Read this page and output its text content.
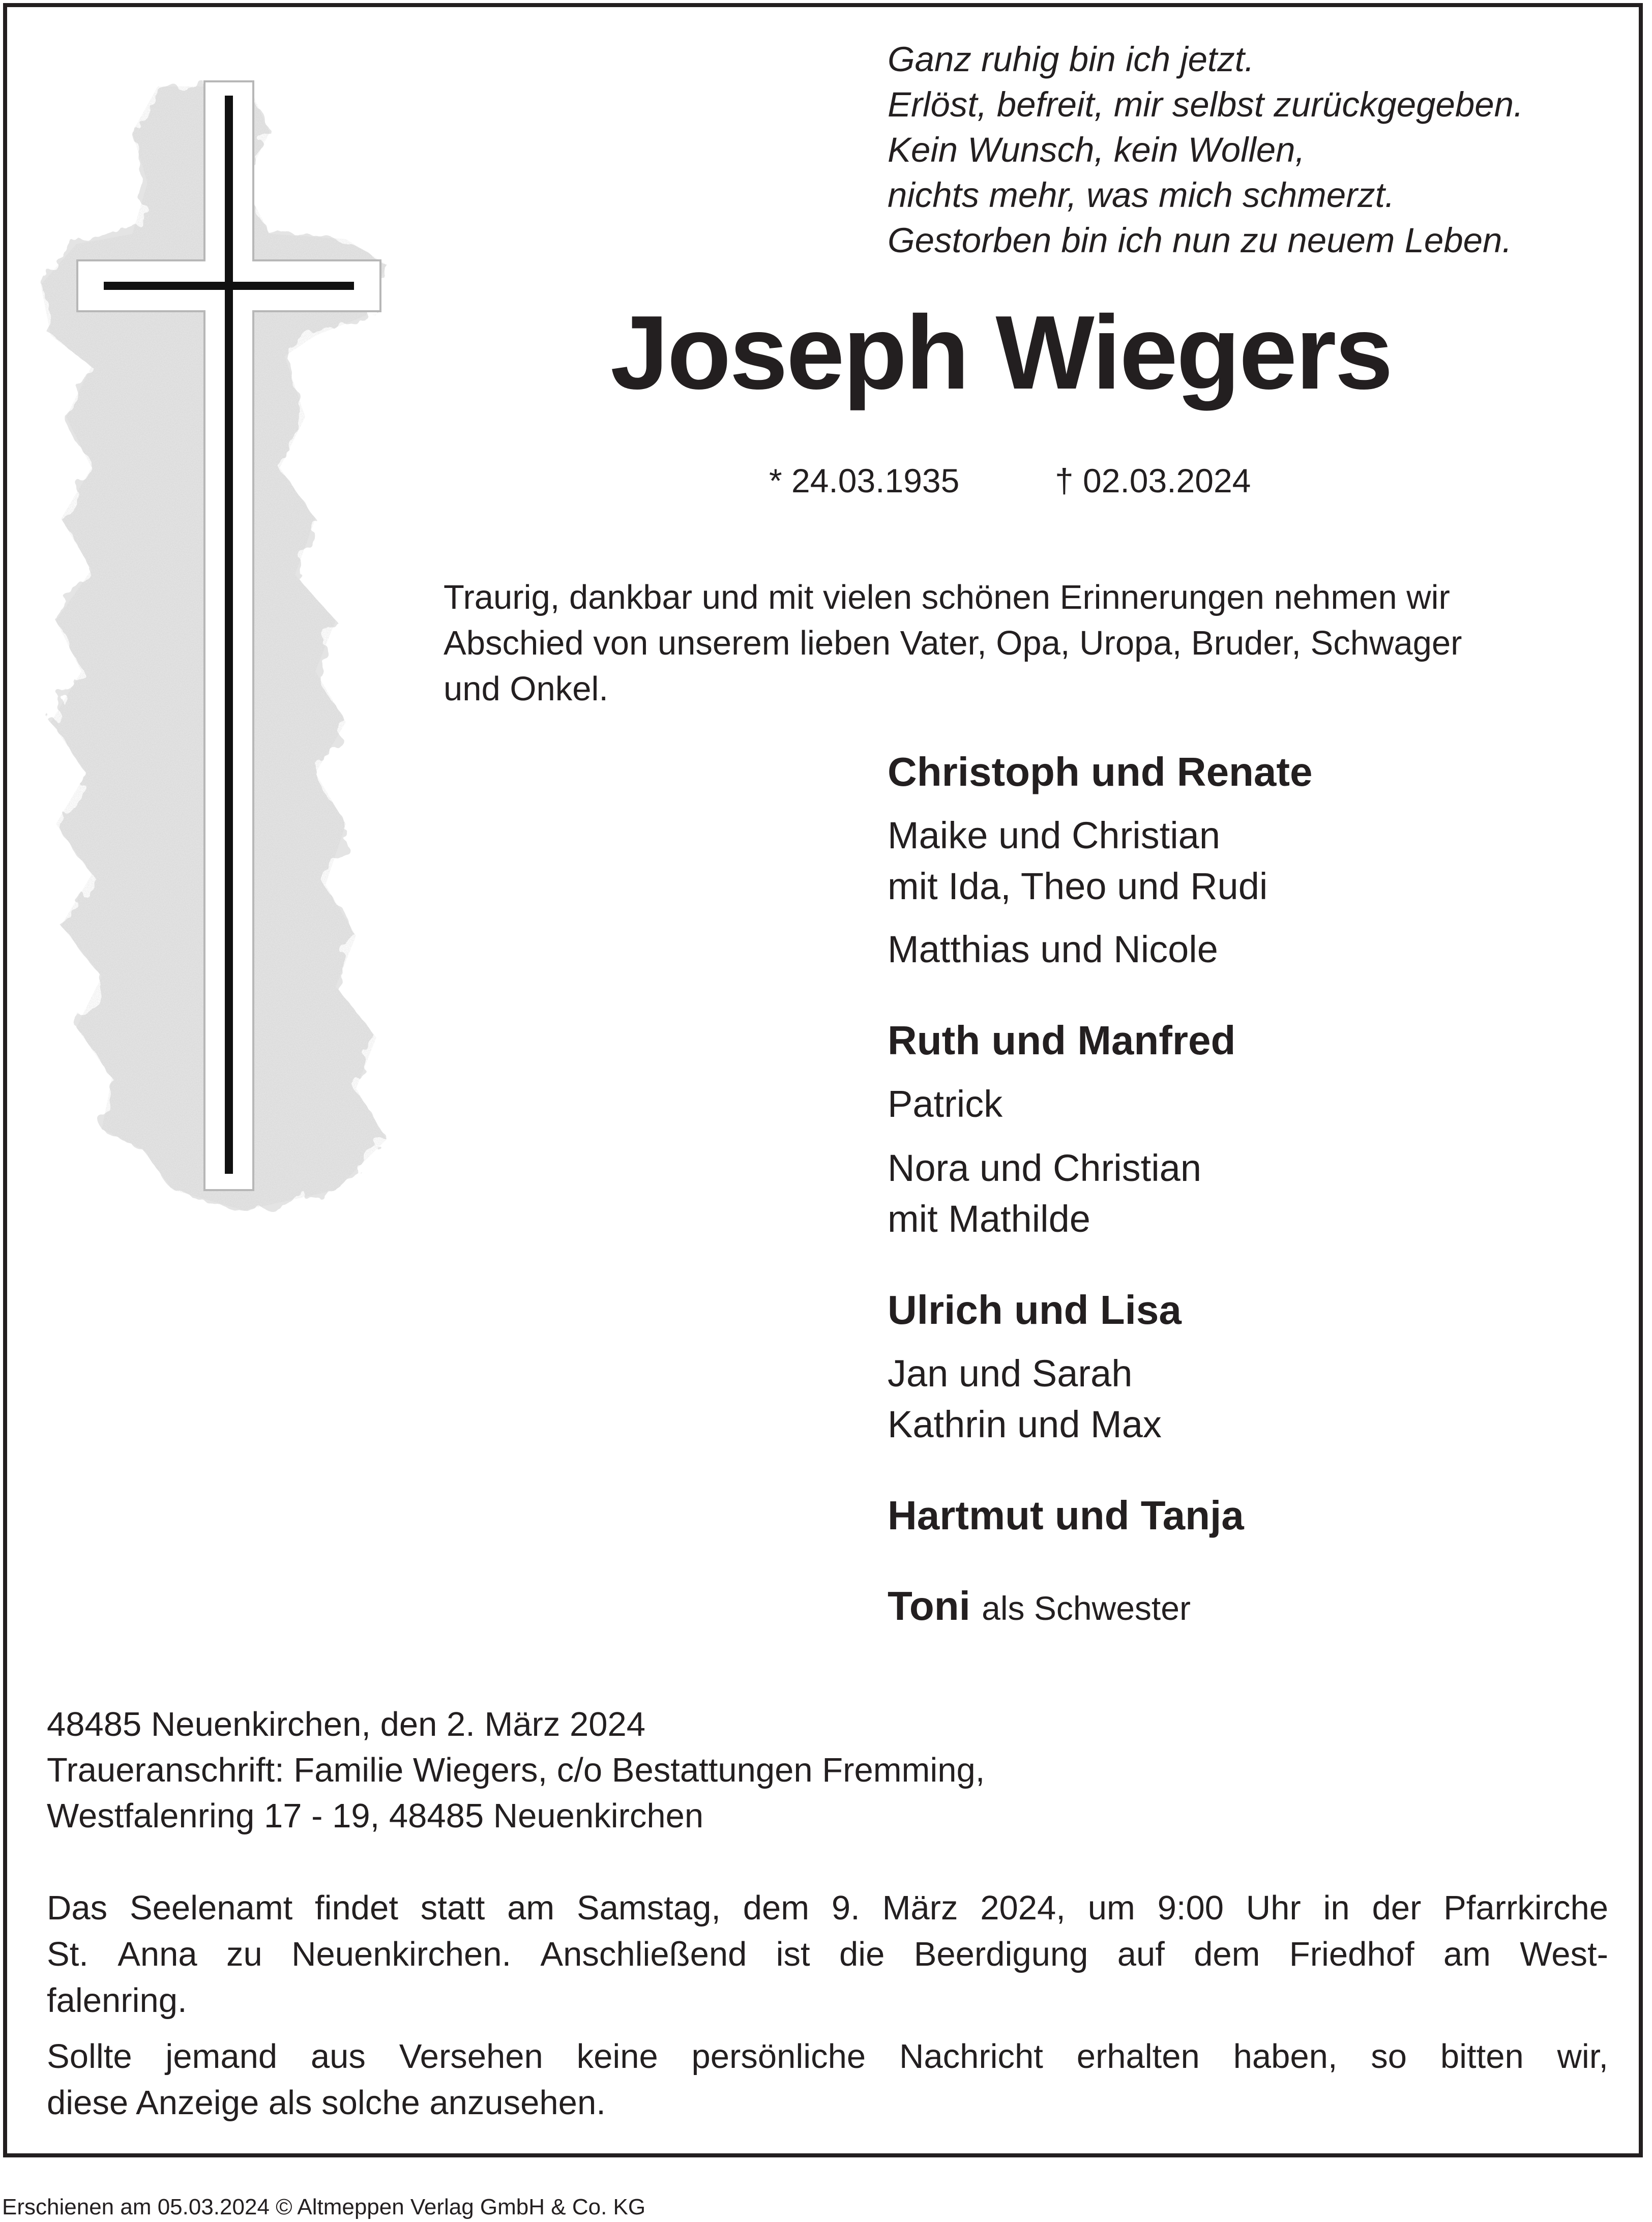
Ganz ruhig bin ich jetzt.
Erlöst, befreit, mir selbst zurückgegeben.
Kein Wunsch, kein Wollen,
nichts mehr, was mich schmerzt.
Gestorben bin ich nun zu neuem Leben.
Joseph Wiegers
* 24.03.1935	† 02.03.2024
Traurig, dankbar und mit vielen schönen Erinnerungen nehmen wir
Abschied von unserem lieben Vater, Opa, Uropa, Bruder, Schwager
und Onkel.
Christoph und Renate
Maike und Christian
mit Ida, Theo und Rudi
Matthias und Nicole
Ruth und Manfred
Patrick
Nora und Christian
mit Mathilde
Ulrich und Lisa
Jan und Sarah
Kathrin und Max
Hartmut und Tanja
Toni als Schwester
48485 Neuenkirchen, den 2. März 2024
Traueranschrift: Familie Wiegers, c/o Bestattungen Fremming,
Westfalenring 17 - 19, 48485 Neuenkirchen
Das Seelenamt findet statt am Samstag, dem 9. März 2024, um 9:00 Uhr in der Pfarrkirche
St. Anna zu Neuenkirchen. Anschließend ist die Beerdigung auf dem Friedhof am West-
falenring.
Sollte jemand aus Versehen keine persönliche Nachricht erhalten haben, so bitten wir,
diese Anzeige als solche anzusehen.
Erschienen am 05.03.2024 © Altmeppen Verlag GmbH & Co. KG
